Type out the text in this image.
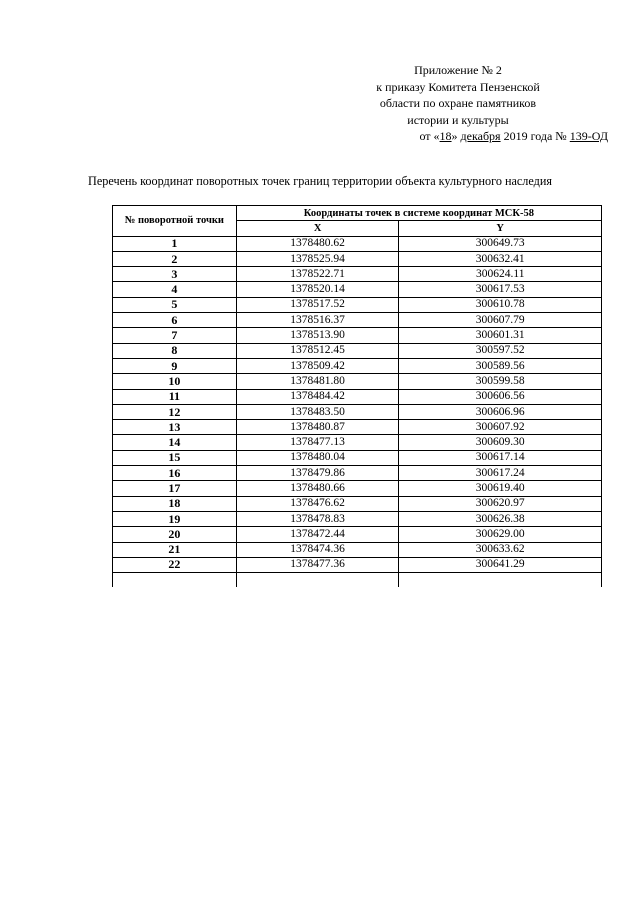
Приложение № 2
к приказу Комитета Пензенской
области по охране памятников
истории и культуры
от «18» декабря 2019 года № 139-ОД
Перечень координат поворотных точек границ территории объекта культурного наследия
№ поворотной точки	Координаты точек в системе координат МСК-58	
	X	Y
1	1378480.62	300649.73
2	1378525.94	300632.41
3	1378522.71	300624.11
4	1378520.14	300617.53
5	1378517.52	300610.78
6	1378516.37	300607.79
7	1378513.90	300601.31
8	1378512.45	300597.52
9	1378509.42	300589.56
10	1378481.80	300599.58
11	1378484.42	300606.56
12	1378483.50	300606.96
13	1378480.87	300607.92
14	1378477.13	300609.30
15	1378480.04	300617.14
16	1378479.86	300617.24
17	1378480.66	300619.40
18	1378476.62	300620.97
19	1378478.83	300626.38
20	1378472.44	300629.00
21	1378474.36	300633.62
22	1378477.36	300641.29
